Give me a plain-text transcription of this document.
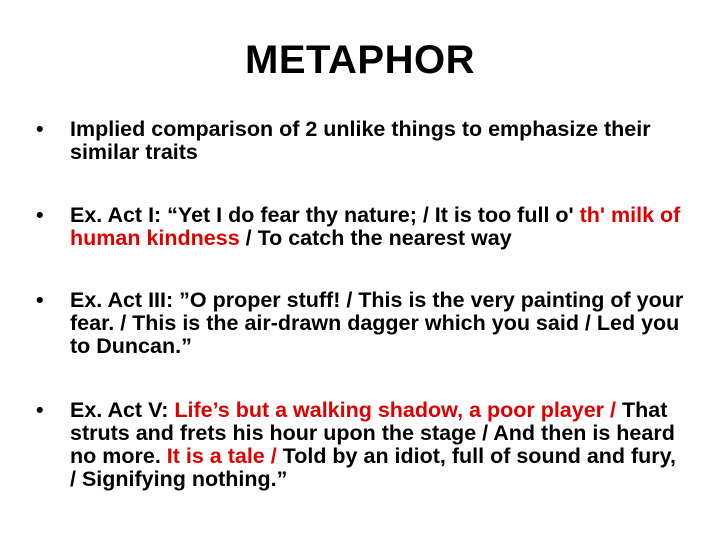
METAPHOR
•	Implied comparison of 2 unlike things to emphasize their similar traits
•	Ex. Act I: “Yet I do fear thy nature; / It is too full o' th' milk of human kindness / To catch the nearest way
•	Ex. Act III: ”O proper stuff! / This is the very painting of your fear. / This is the air-drawn dagger which you said / Led you to Duncan.”
•	Ex. Act V: Life’s but a walking shadow, a poor player / That struts and frets his hour upon the stage / And then is heard no more. It is a tale / Told by an idiot, full of sound and fury, / Signifying nothing.”
